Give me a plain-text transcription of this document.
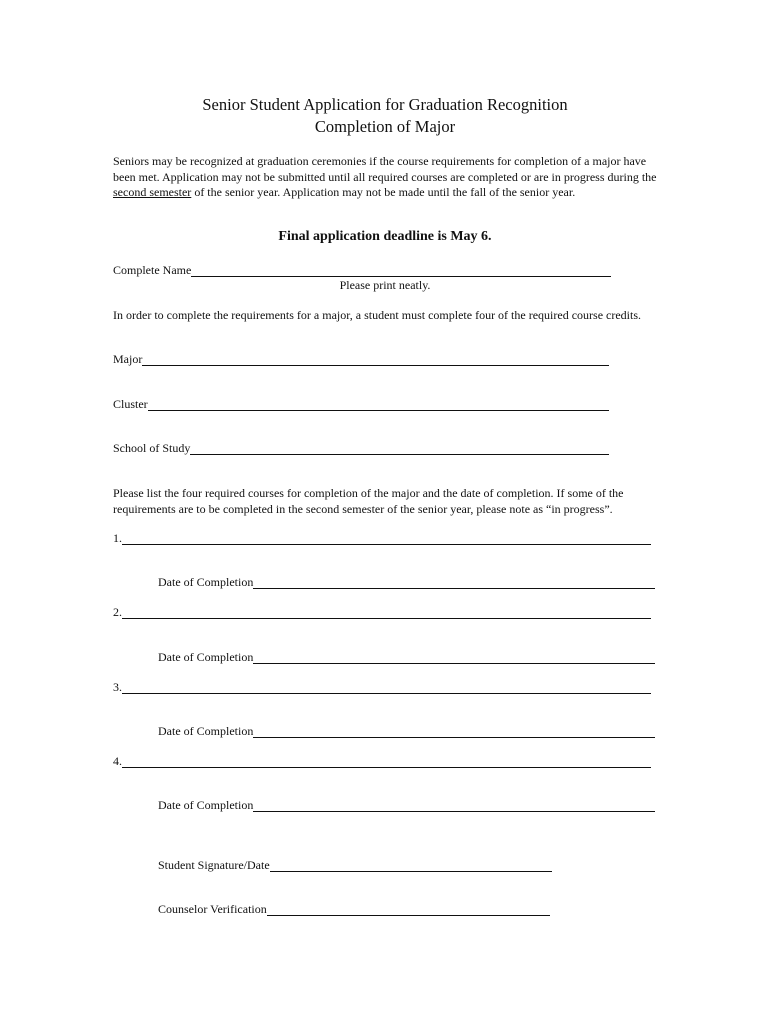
Senior Student Application for Graduation Recognition
Completion of Major
Seniors may be recognized at graduation ceremonies if the course requirements for completion of a major have been met. Application may not be submitted until all required courses are completed or are in progress during the second semester of the senior year. Application may not be made until the fall of the senior year.
Final application deadline is May 6.
Complete Name
Please print neatly.
In order to complete the requirements for a major, a student must complete four of the required course credits.
Major
Cluster
School of Study
Please list the four required courses for completion of the major and the date of completion. If some of the requirements are to be completed in the second semester of the senior year, please note as “in progress”.
1.
Date of Completion
2.
Date of Completion
3.
Date of Completion
4.
Date of Completion
Student Signature/Date
Counselor Verification
